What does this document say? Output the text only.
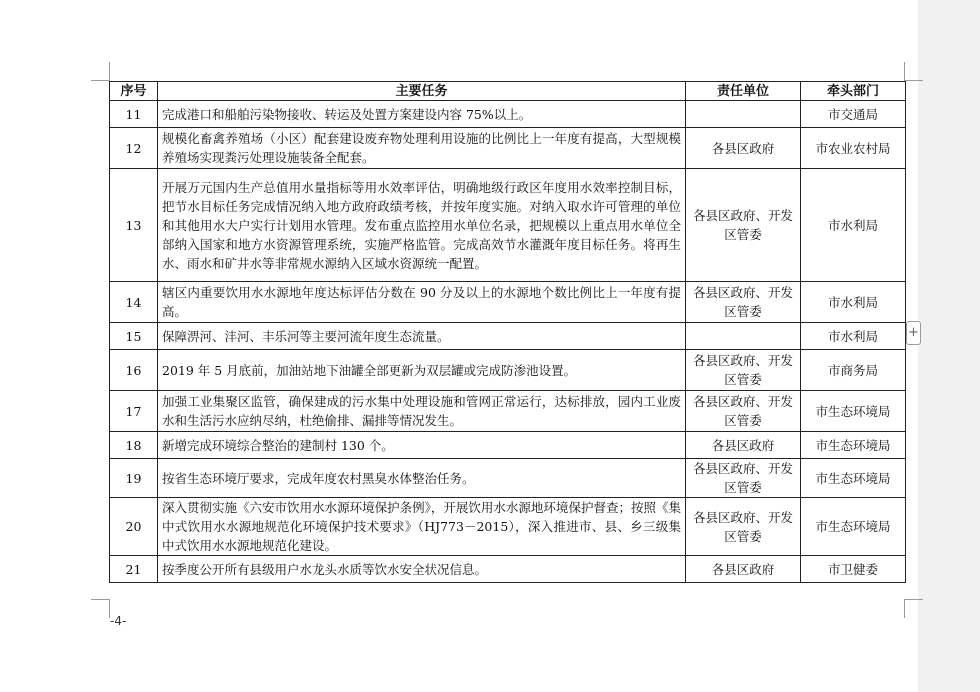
序号	主要任务	责任单位	牵头部门
11	完成港口和船舶污染物接收、转运及处置方案建设内容 75%以上。		市交通局
12	规模化畜禽养殖场（小区）配套建设废弃物处理利用设施的比例比上一年度有提高，大型规模养殖场实现粪污处理设施装备全配套。	各县区政府	市农业农村局
13	开展万元国内生产总值用水量指标等用水效率评估，明确地级行政区年度用水效率控制目标，把节水目标任务完成情况纳入地方政府政绩考核，并按年度实施。对纳入取水许可管理的单位和其他用水大户实行计划用水管理。发布重点监控用水单位名录，把规模以上重点用水单位全部纳入国家和地方水资源管理系统，实施严格监管。完成高效节水灌溉年度目标任务。将再生水、雨水和矿井水等非常规水源纳入区域水资源统一配置。	各县区政府、开发区管委	市水利局
14	辖区内重要饮用水水源地年度达标评估分数在 90 分及以上的水源地个数比例比上一年度有提高。	各县区政府、开发区管委	市水利局
15	保障淠河、沣河、丰乐河等主要河流年度生态流量。		市水利局
16	2019 年 5 月底前，加油站地下油罐全部更新为双层罐或完成防渗池设置。	各县区政府、开发区管委	市商务局
17	加强工业集聚区监管，确保建成的污水集中处理设施和管网正常运行，达标排放，园内工业废水和生活污水应纳尽纳，杜绝偷排、漏排等情况发生。	各县区政府、开发区管委	市生态环境局
18	新增完成环境综合整治的建制村 130 个。	各县区政府	市生态环境局
19	按省生态环境厅要求，完成年度农村黑臭水体整治任务。	各县区政府、开发区管委	市生态环境局
20	深入贯彻实施《六安市饮用水水源环境保护条例》，开展饮用水水源地环境保护督查；按照《集中式饮用水水源地规范化环境保护技术要求》（HJ773－2015），深入推进市、县、乡三级集中式饮用水水源地规范化建设。	各县区政府、开发区管委	市生态环境局
21	按季度公开所有县级用户水龙头水质等饮水安全状况信息。	各县区政府	市卫健委
-4-
+
